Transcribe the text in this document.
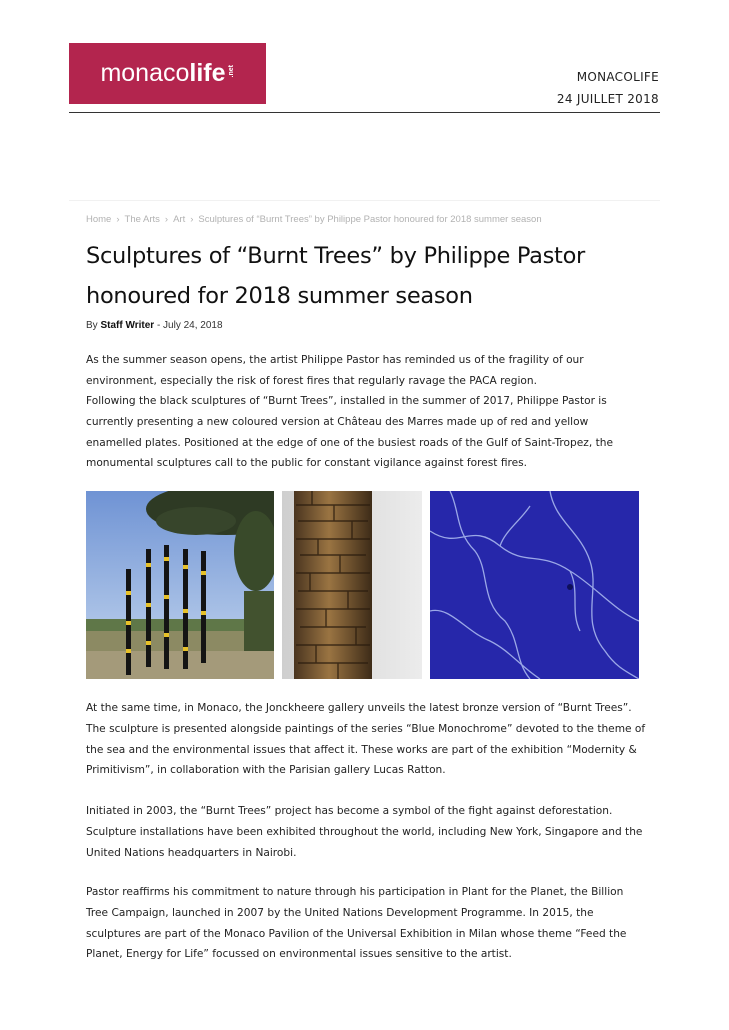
monaco life .net	MONACOLIFE
24 JUILLET 2018
Home › The Arts › Art › Sculptures of “Burnt Trees” by Philippe Pastor honoured for 2018 summer season
Sculptures of “Burnt Trees” by Philippe Pastor honoured for 2018 summer season
By Staff Writer - July 24, 2018

As the summer season opens, the artist Philippe Pastor has reminded us of the fragility of our environment, especially the risk of forest fires that regularly ravage the PACA region.

Following the black sculptures of “Burnt Trees”, installed in the summer of 2017, Philippe Pastor is currently presenting a new coloured version at Château des Marres made up of red and yellow enamelled plates. Positioned at the edge of one of the busiest roads of the Gulf of Saint-Tropez, the monumental sculptures call to the public for constant vigilance against forest fires.

At the same time, in Monaco, the Jonckheere gallery unveils the latest bronze version of “Burnt Trees”. The sculpture is presented alongside paintings of the series “Blue Monochrome” devoted to the theme of the sea and the environmental issues that affect it. These works are part of the exhibition “Modernity & Primitivism”, in collaboration with the Parisian gallery Lucas Ratton.

Initiated in 2003, the “Burnt Trees” project has become a symbol of the fight against deforestation. Sculpture installations have been exhibited throughout the world, including New York, Singapore and the United Nations headquarters in Nairobi.

Pastor reaffirms his commitment to nature through his participation in Plant for the Planet, the Billion Tree Campaign, launched in 2007 by the United Nations Development Programme. In 2015, the sculptures are part of the Monaco Pavilion of the Universal Exhibition in Milan whose theme “Feed the Planet, Energy for Life” focussed on environmental issues sensitive to the artist.
